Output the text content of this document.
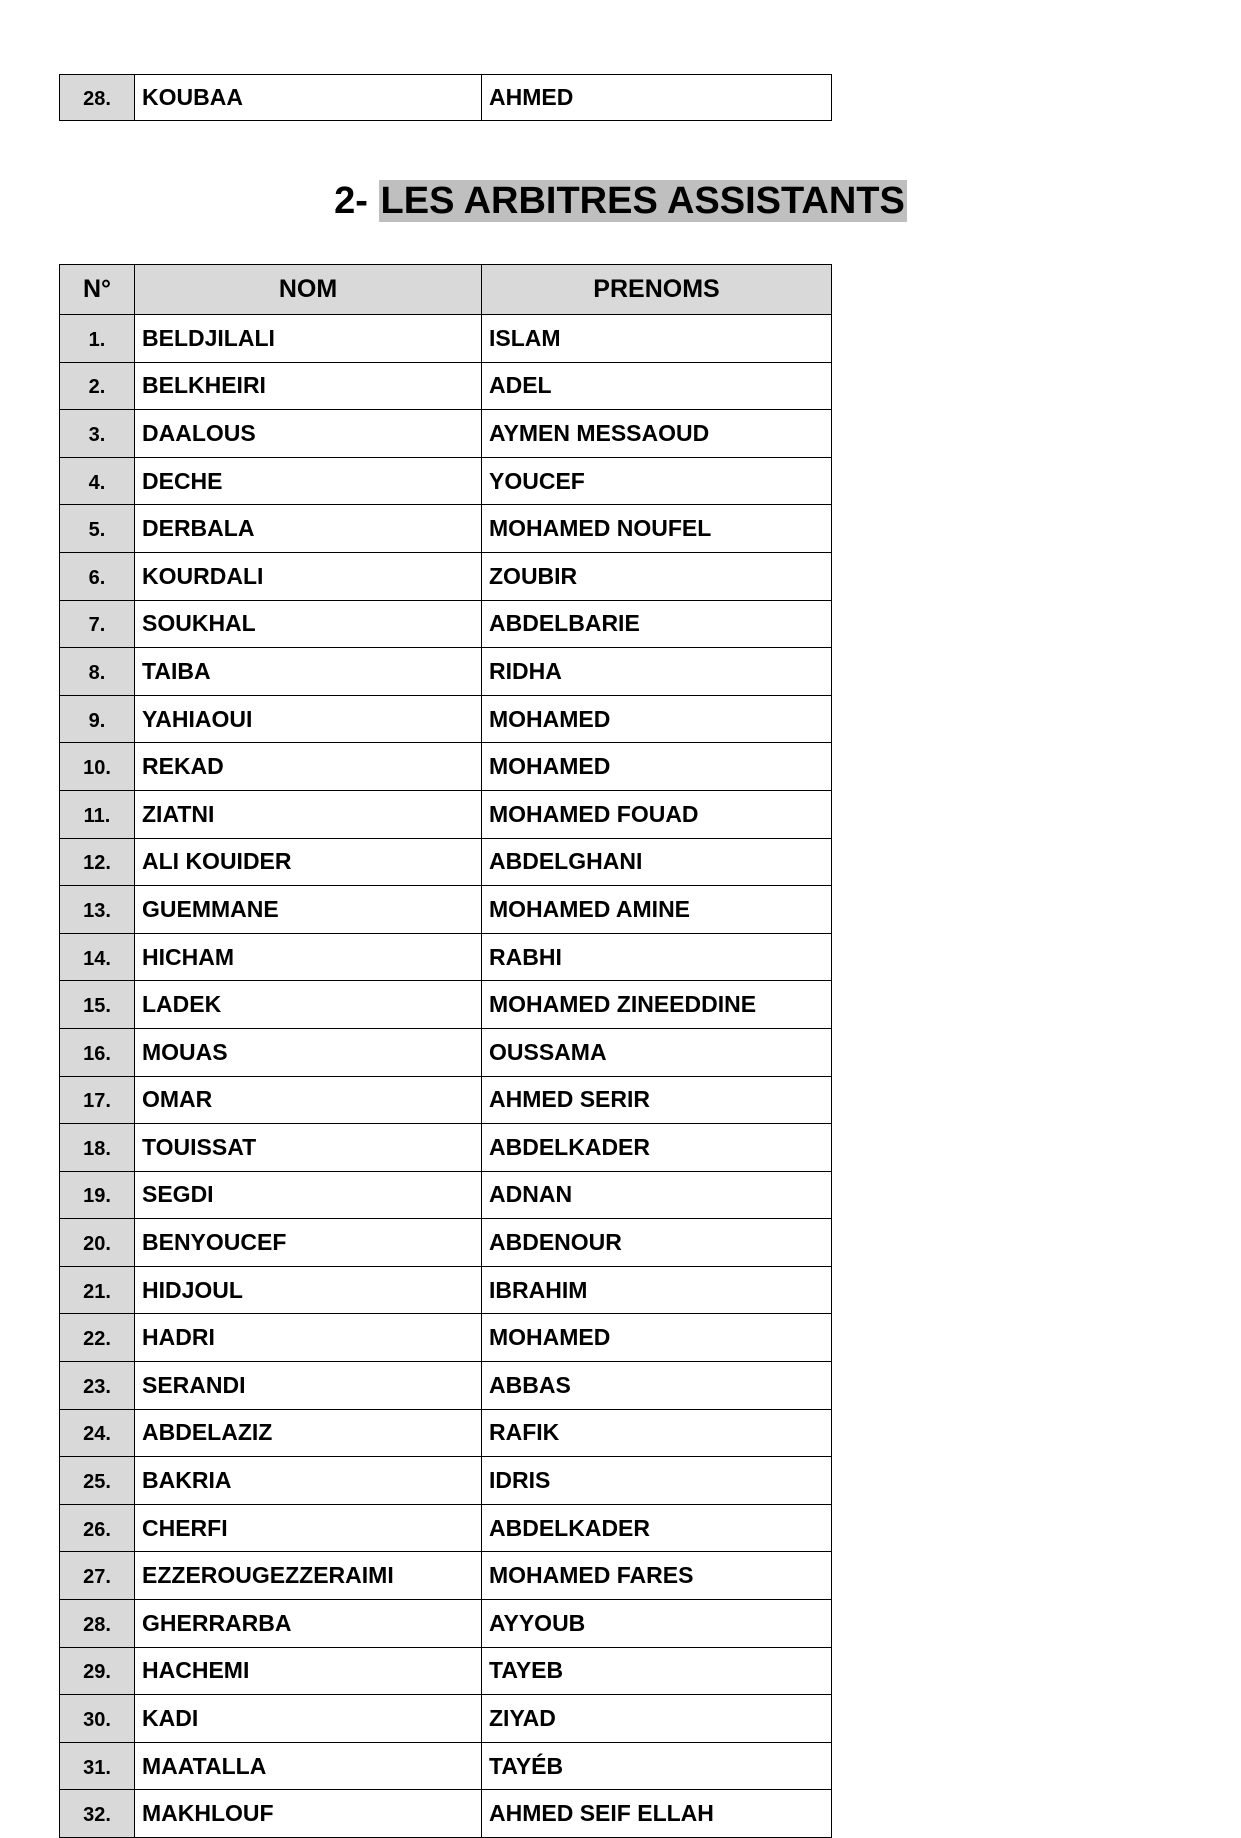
28.	KOUBAA	AHMED
2- LES ARBITRES ASSISTANTS
N°	NOM	PRENOMS
1.	BELDJILALI	ISLAM
2.	BELKHEIRI	ADEL
3.	DAALOUS	AYMEN MESSAOUD
4.	DECHE	YOUCEF
5.	DERBALA	MOHAMED NOUFEL
6.	KOURDALI	ZOUBIR
7.	SOUKHAL	ABDELBARIE
8.	TAIBA	RIDHA
9.	YAHIAOUI	MOHAMED
10.	REKAD	MOHAMED
11.	ZIATNI	MOHAMED FOUAD
12.	ALI KOUIDER	ABDELGHANI
13.	GUEMMANE	MOHAMED AMINE
14.	HICHAM	RABHI
15.	LADEK	MOHAMED ZINEEDDINE
16.	MOUAS	OUSSAMA
17.	OMAR	AHMED SERIR
18.	TOUISSAT	ABDELKADER
19.	SEGDI	ADNAN
20.	BENYOUCEF	ABDENOUR
21.	HIDJOUL	IBRAHIM
22.	HADRI	MOHAMED
23.	SERANDI	ABBAS
24.	ABDELAZIZ	RAFIK
25.	BAKRIA	IDRIS
26.	CHERFI	ABDELKADER
27.	EZZEROUGEZZERAIMI	MOHAMED FARES
28.	GHERRARBA	AYYOUB
29.	HACHEMI	TAYEB
30.	KADI	ZIYAD
31.	MAATALLA	TAYÉB
32.	MAKHLOUF	AHMED SEIF ELLAH
